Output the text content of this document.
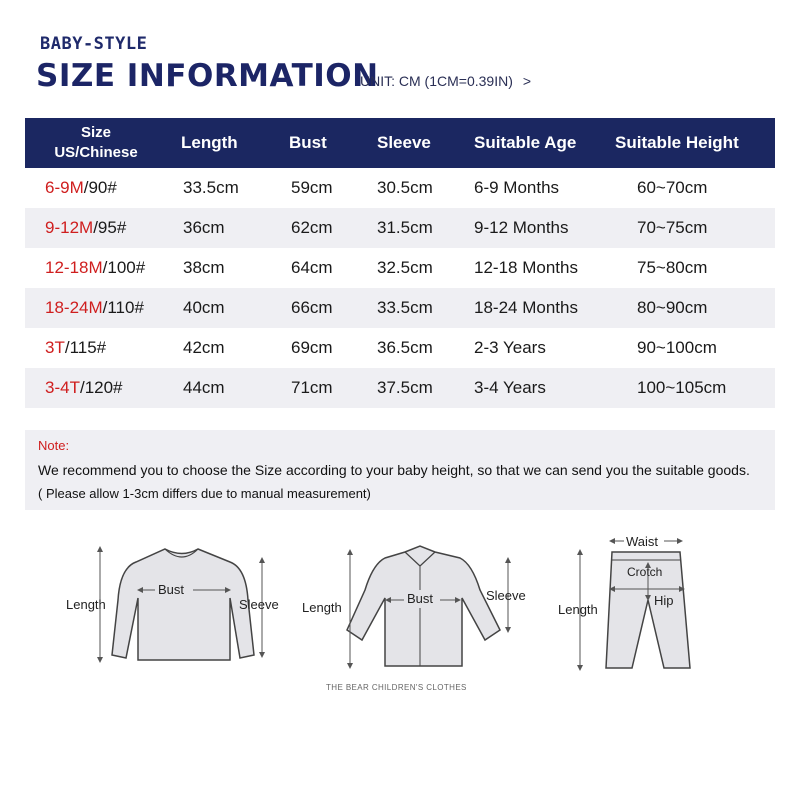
BABY-STYLE
SIZE INFORMATION
UNIT: CM (1CM=0.39IN) >
Size
US/Chinese	Length	Bust	Sleeve	Suitable Age	Suitable Height
6-9M/90#	33.5cm	59cm	30.5cm	6-9 Months	60~70cm
9-12M/95#	36cm	62cm	31.5cm	9-12 Months	70~75cm
12-18M/100#	38cm	64cm	32.5cm	12-18 Months	75~80cm
18-24M/110#	40cm	66cm	33.5cm	18-24 Months	80~90cm
3T/115#	42cm	69cm	36.5cm	2-3 Years	90~100cm
3-4T/120#	44cm	71cm	37.5cm	3-4 Years	100~105cm
Note:
We recommend you to choose the Size according to your baby height, so that we can send you the suitable goods.
( Please allow 1-3cm differs due to manual measurement)
Length
Bust
Sleeve Length
Bust	Sleeve
Waist
Crotch
Hip
Length
THE BEAR CHILDREN'S CLOTHES
